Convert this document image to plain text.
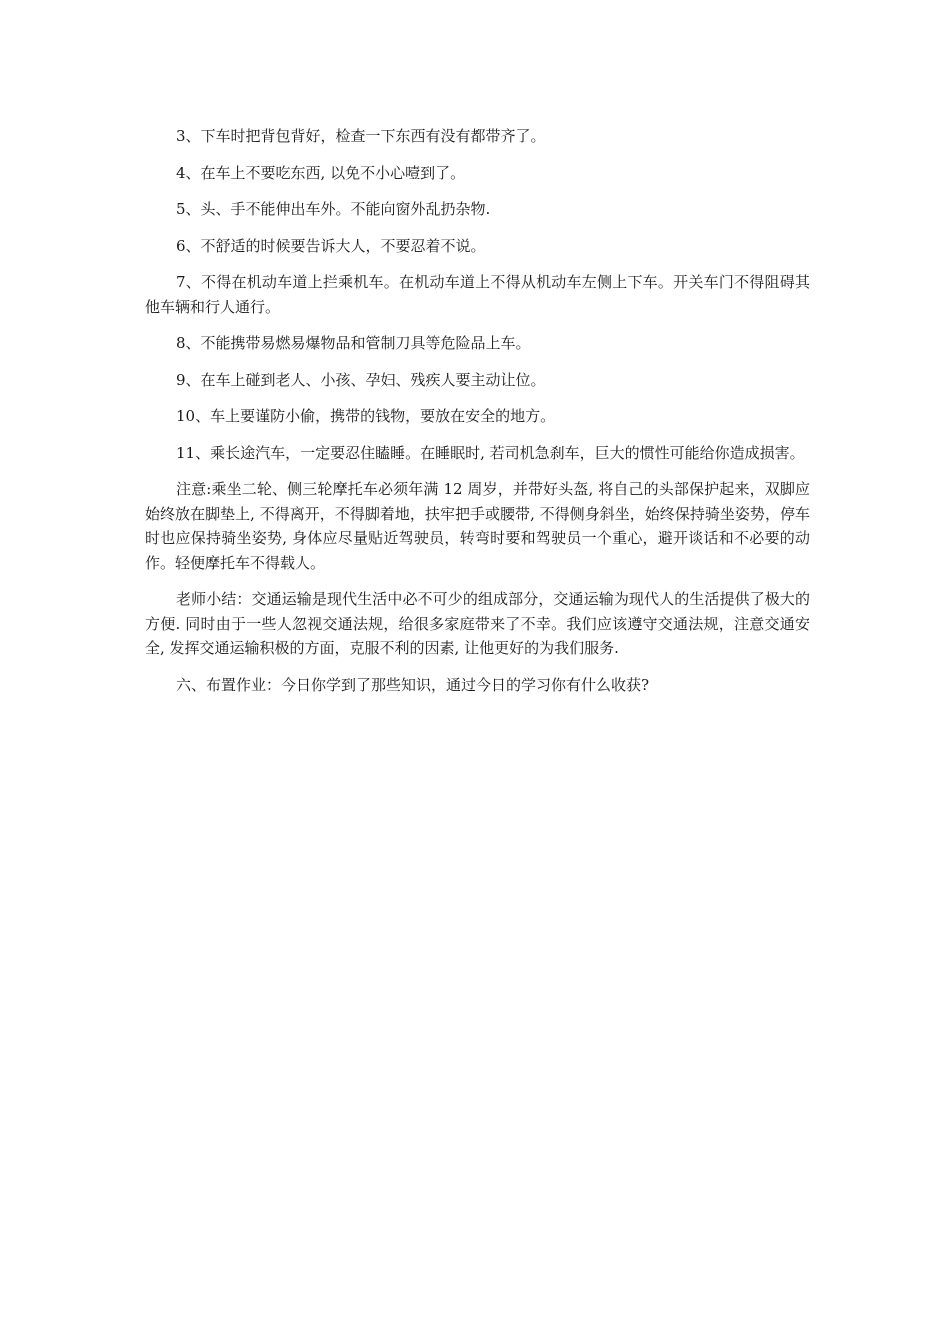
3、下车时把背包背好，检查一下东西有没有都带齐了。

4、在车上不要吃东西, 以免不小心噎到了。

5、头、手不能伸出车外。不能向窗外乱扔杂物.

6、不舒适的时候要告诉大人，不要忍着不说。

7、不得在机动车道上拦乘机车。在机动车道上不得从机动车左侧上下车。开关车门不得阻碍其他车辆和行人通行。

8、不能携带易燃易爆物品和管制刀具等危险品上车。

9、在车上碰到老人、小孩、孕妇、残疾人要主动让位。

10、车上要谨防小偷，携带的钱物，要放在安全的地方。

11、乘长途汽车，一定要忍住瞌睡。在睡眠时, 若司机急刹车，巨大的惯性可能给你造成损害。

注意:乘坐二轮、侧三轮摩托车必须年满 12 周岁，并带好头盔, 将自己的头部保护起来，双脚应始终放在脚垫上, 不得离开，不得脚着地，扶牢把手或腰带, 不得侧身斜坐，始终保持骑坐姿势，停车时也应保持骑坐姿势, 身体应尽量贴近驾驶员，转弯时要和驾驶员一个重心，避开谈话和不必要的动作。轻便摩托车不得载人。

老师小结：交通运输是现代生活中必不可少的组成部分，交通运输为现代人的生活提供了极大的方便. 同时由于一些人忽视交通法规，给很多家庭带来了不幸。我们应该遵守交通法规，注意交通安全, 发挥交通运输积极的方面，克服不利的因素, 让他更好的为我们服务.

六、布置作业：今日你学到了那些知识，通过今日的学习你有什么收获?
